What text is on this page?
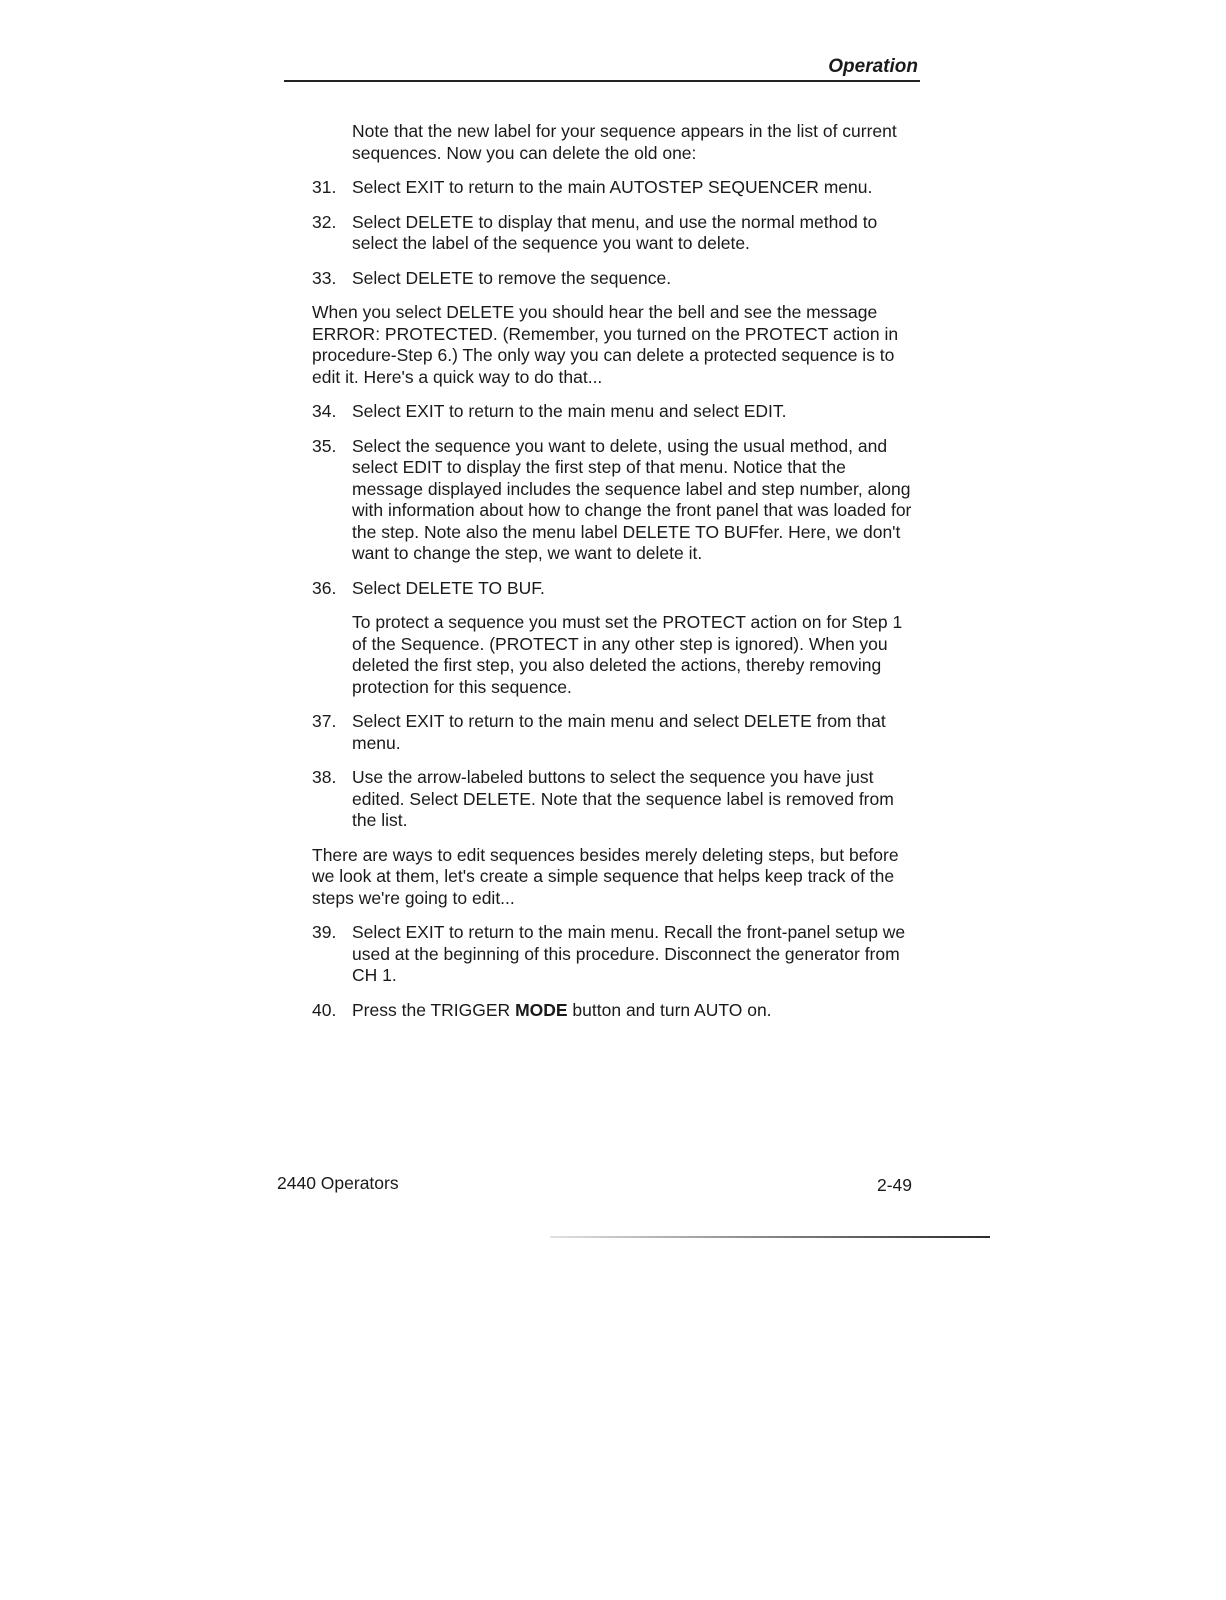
Operation

Note that the new label for your sequence appears in the list of current sequences. Now you can delete the old one:

31. Select EXIT to return to the main AUTOSTEP SEQUENCER menu.
32. Select DELETE to display that menu, and use the normal method to select the label of the sequence you want to delete.
33. Select DELETE to remove the sequence.

When you select DELETE you should hear the bell and see the message ERROR: PROTECTED. (Remember, you turned on the PROTECT action in procedure-Step 6.) The only way you can delete a protected sequence is to edit it. Here's a quick way to do that...

34. Select EXIT to return to the main menu and select EDIT.
35. Select the sequence you want to delete, using the usual method, and select EDIT to display the first step of that menu. Notice that the message displayed includes the sequence label and step number, along with information about how to change the front panel that was loaded for the step. Note also the menu label DELETE TO BUFfer. Here, we don't want to change the step, we want to delete it.
36. Select DELETE TO BUF.

To protect a sequence you must set the PROTECT action on for Step 1 of the Sequence. (PROTECT in any other step is ignored). When you deleted the first step, you also deleted the actions, thereby removing protection for this sequence.

37. Select EXIT to return to the main menu and select DELETE from that menu.
38. Use the arrow-labeled buttons to select the sequence you have just edited. Select DELETE. Note that the sequence label is removed from the list.

There are ways to edit sequences besides merely deleting steps, but before we look at them, let's create a simple sequence that helps keep track of the steps we're going to edit...

39. Select EXIT to return to the main menu. Recall the front-panel setup we used at the beginning of this procedure. Disconnect the generator from CH 1.
40. Press the TRIGGER MODE button and turn AUTO on.
2440 Operators	2-49
